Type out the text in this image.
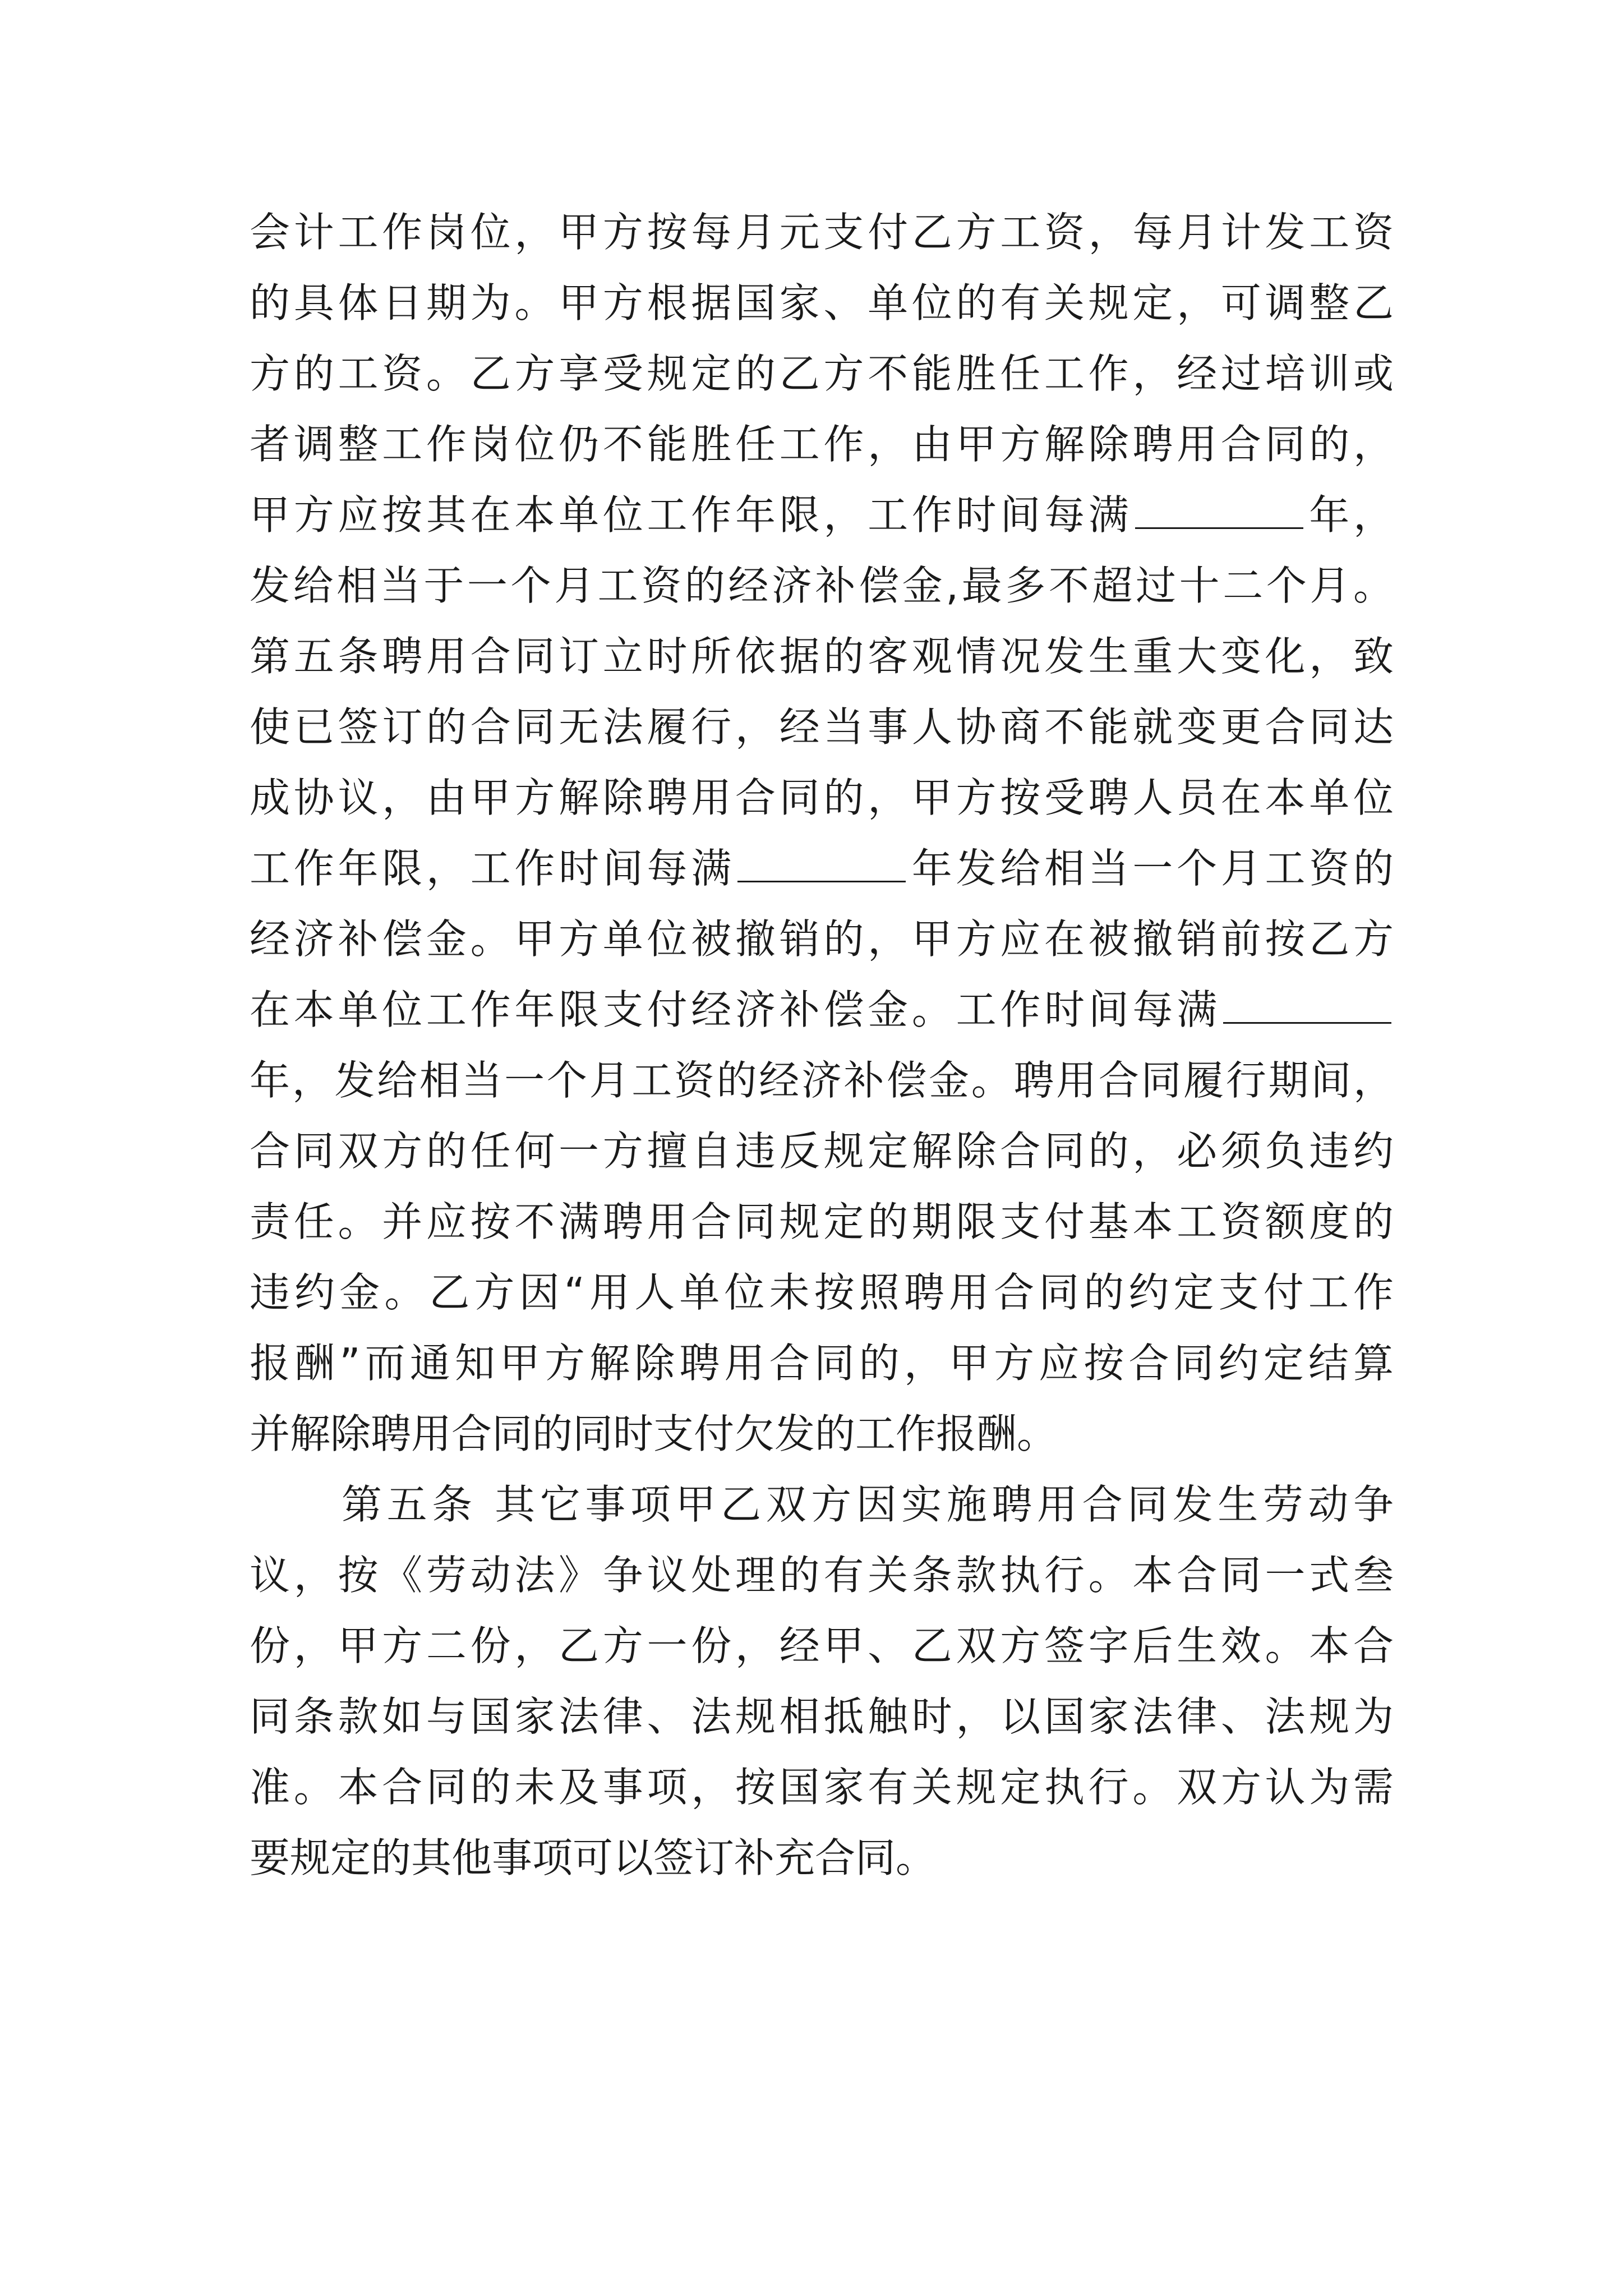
会计工作岗位，甲方按每月元支付乙方工资，每月计发工资
的具体日期为。甲方根据国家、单位的有关规定，可调整乙
方的工资。乙方享受规定的乙方不能胜任工作，经过培训或
者调整工作岗位仍不能胜任工作，由甲方解除聘用合同的，
甲方应按其在本单位工作年限，工作时间每满	年，
发给相当于一个月工资的经济补偿金,最多不超过十二个月。
第五条聘用合同订立时所依据的客观情况发生重大变化，致
使已签订的合同无法履行，经当事人协商不能就变更合同达
成协议，由甲方解除聘用合同的，甲方按受聘人员在本单位
工作年限，工作时间每满	年发给相当一个月工资的
经济补偿金。甲方单位被撤销的，甲方应在被撤销前按乙方
在本单位工作年限支付经济补偿金。工作时间每满
年，发给相当一个月工资的经济补偿金。聘用合同履行期间，
合同双方的任何一方擅自违反规定解除合同的，必须负违约
责任。并应按不满聘用合同规定的期限支付基本工资额度的
违约金。乙方因“用人单位未按照聘用合同的约定支付工作
报酬”而通知甲方解除聘用合同的，甲方应按合同约定结算
并解除聘用合同的同时支付欠发的工作报酬。
第五条 其它事项甲乙双方因实施聘用合同发生劳动争
议，按《劳动法》争议处理的有关条款执行。本合同一式叁
份，甲方二份，乙方一份，经甲、乙双方签字后生效。本合
同条款如与国家法律、法规相抵触时，以国家法律、法规为
准。本合同的未及事项，按国家有关规定执行。双方认为需
要规定的其他事项可以签订补充合同。
